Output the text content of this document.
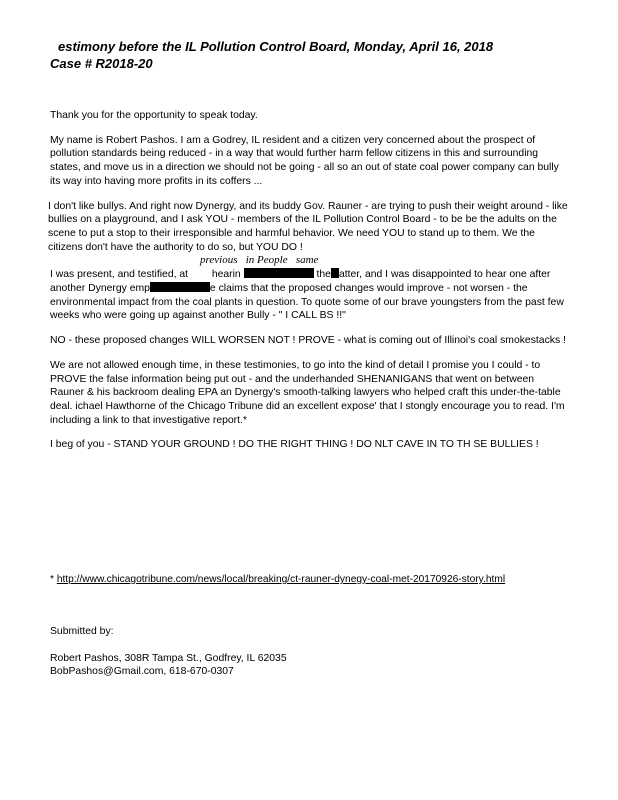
estimony before the IL Pollution Control Board, Monday, April 16, 2018
Case # R2018-20

Thank you for the opportunity to speak today.

My name is Robert Pashos. I am a Godrey, IL resident and a citizen very concerned about the prospect of pollution standards being reduced - in a way that would further harm fellow citizens in this and surrounding states, and move us in a direction we should not be going - all so an out of state coal power company can bully its way into having more profits in its coffers ...

I don't like bullys. And right now Dynergy, and its buddy Gov. Rauner - are trying to push their weight around - like bullies on a playground, and I ask YOU - members of the IL Pollution Control Board - to be be the adults on the scene to put a stop to their irresponsible and harmful behavior. We need YOU to stand up to them. We the citizens don't have the authority to do so, but YOU DO !

previous   in People   same

I was present, and testified, at hearin	the atter, and I was disappointed to hear one after another Dynergy emp	e claims that the proposed changes would improve - not worsen - the environmental impact from the coal plants in question. To quote some of our brave youngsters from the past few weeks who were going up against another Bully - " I CALL BS !!"

NO - these proposed changes WILL WORSEN NOT ! PROVE - what is coming out of Illinoi's coal smokestacks !

We are not allowed enough time, in these testimonies, to go into the kind of detail I promise you I could - to PROVE the false information being put out - and the underhanded SHENANIGANS that went on between Rauner & his backroom dealing EPA an Dynergy's smooth-talking lawyers who helped craft this under-the-table deal. ichael Hawthorne of the Chicago Tribune did an excellent expose' that I stongly encourage you to read. I'm including a link to that investigative report.*

I beg of you - STAND YOUR GROUND ! DO THE RIGHT THING ! DO NLT CAVE IN TO TH SE BULLIES !

* http://www.chicagotribune.com/news/local/breaking/ct-rauner-dynegy-coal-met-20170926-story.html
Submitted by:
Robert Pashos, 308R Tampa St., Godfrey, IL 62035
BobPashos@Gmail.com, 618-670-0307
